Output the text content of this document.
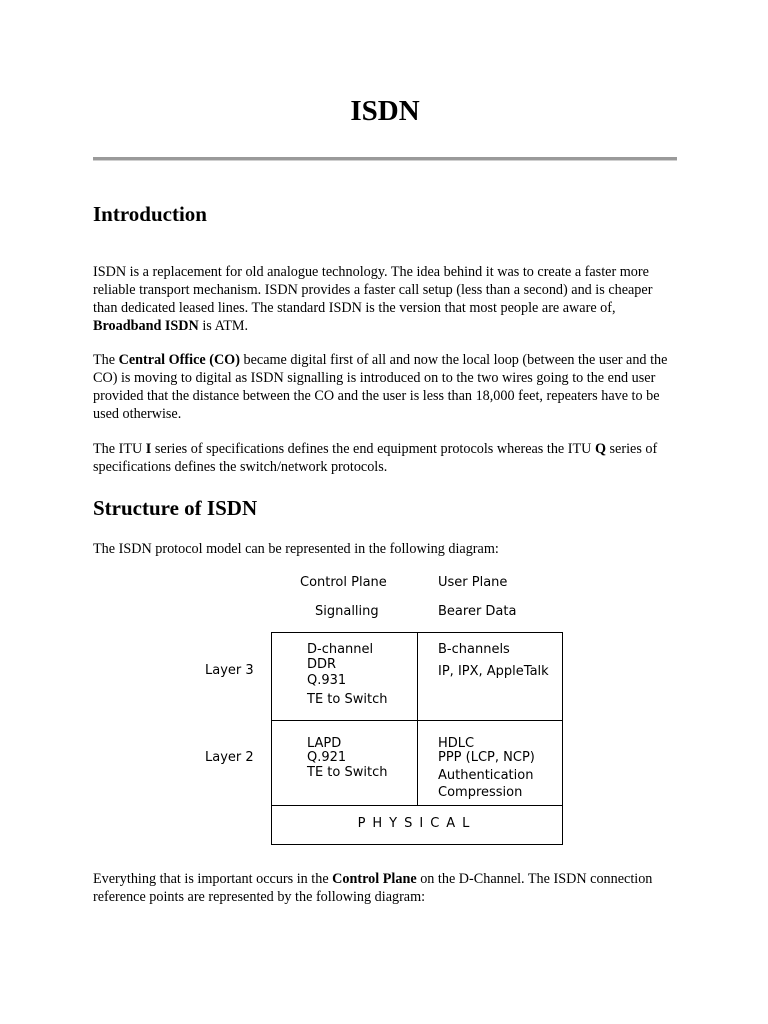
ISDN
Introduction

ISDN is a replacement for old analogue technology. The idea behind it was to create a faster more reliable transport mechanism. ISDN provides a faster call setup (less than a second) and is cheaper than dedicated leased lines. The standard ISDN is the version that most people are aware of, Broadband ISDN is ATM.

The Central Office (CO) became digital first of all and now the local loop (between the user and the CO) is moving to digital as ISDN signalling is introduced on to the two wires going to the end user provided that the distance between the CO and the user is less than 18,000 feet, repeaters have to be used otherwise.

The ITU I series of specifications defines the end equipment protocols whereas the ITU Q series of specifications defines the switch/network protocols.

Structure of ISDN

The ISDN protocol model can be represented in the following diagram:

Control Plane	User Plane
Signalling	Bearer Data
Layer 3
Layer 2
D-channel
DDR
Q.931
TE to Switch
B-channels
IP, IPX, AppleTalk
LAPD
Q.921
TE to Switch
HDLC
PPP (LCP, NCP)
Authentication
Compression
PHYSICAL

Everything that is important occurs in the Control Plane on the D-Channel. The ISDN connection reference points are represented by the following diagram:
